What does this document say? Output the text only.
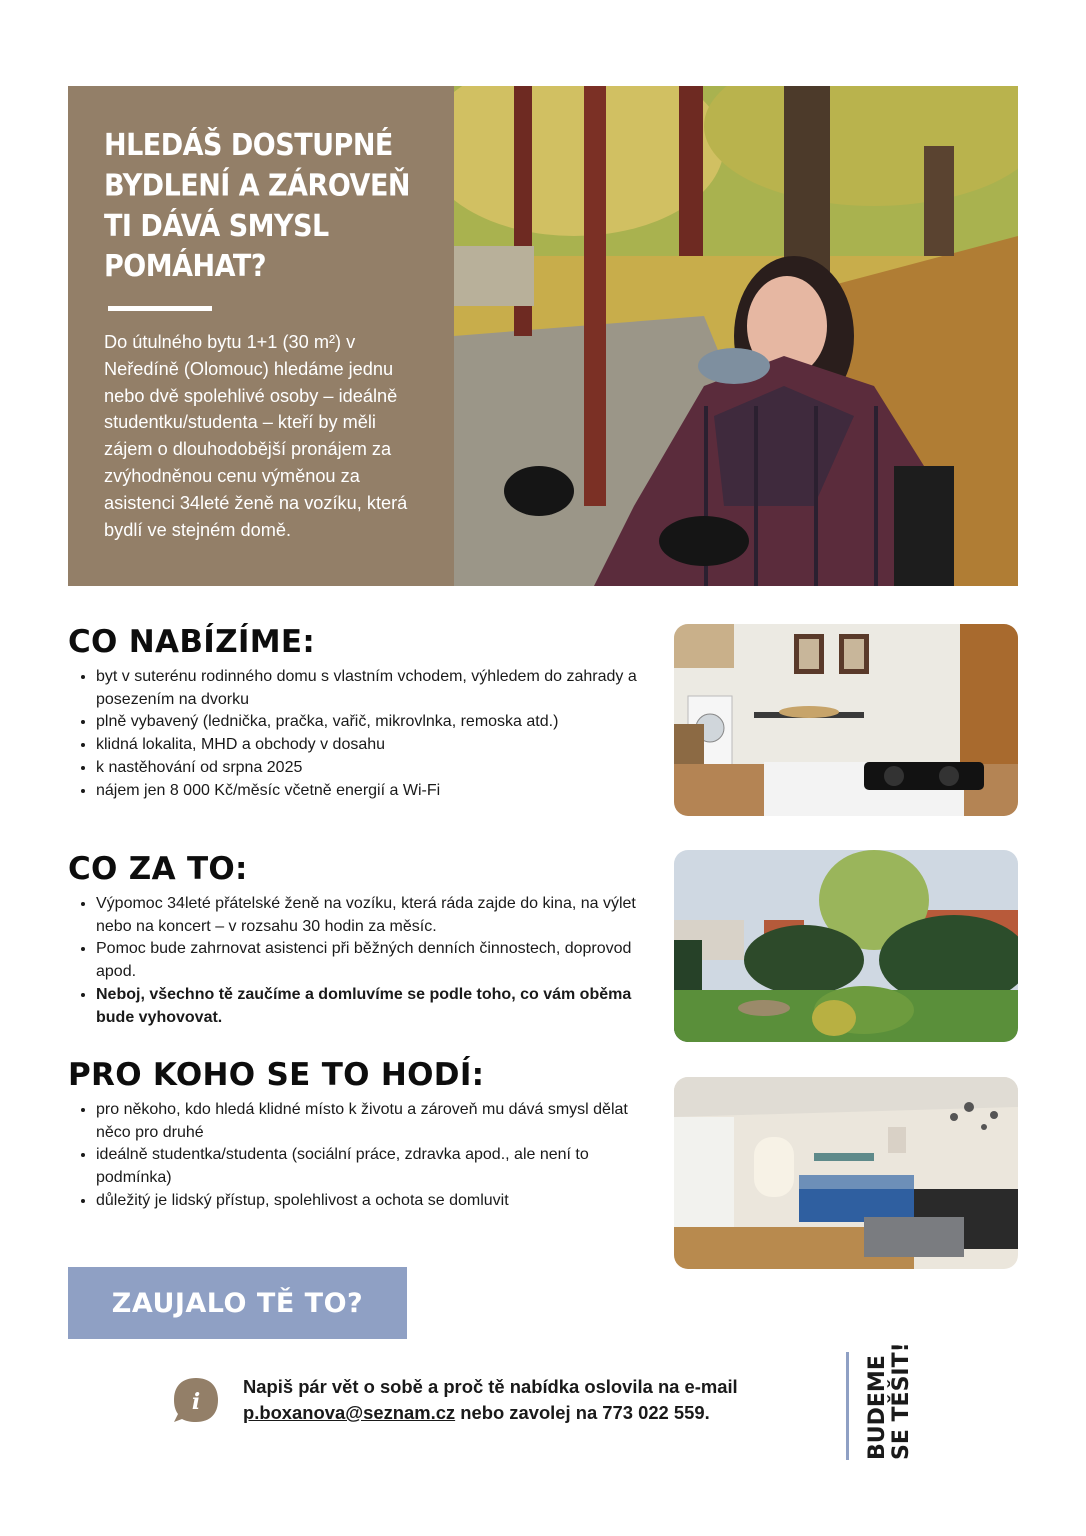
HLEDÁŠ DOSTUPNÉ BYDLENÍ A ZÁROVEŇ TI DÁVÁ SMYSL POMÁHAT?

Do útulného bytu 1+1 (30 m²) v Neředíně (Olomouc) hledáme jednu nebo dvě spolehlivé osoby – ideálně studentku/studenta – kteří by měli zájem o dlouhodobější pronájem za zvýhodněnou cenu výměnou za asistenci 34leté ženě na vozíku, která bydlí ve stejném domě.

CO NABÍZÍME:
• byt v suterénu rodinného domu s vlastním vchodem, výhledem do zahrady a posezením na dvorku
• plně vybavený (lednička, pračka, vařič, mikrovlnka, remoska atd.)
• klidná lokalita, MHD a obchody v dosahu
• k nastěhování od srpna 2025
• nájem jen 8 000 Kč/měsíc včetně energií a Wi-Fi
CO ZA TO:
• Výpomoc 34leté přátelské ženě na vozíku, která ráda zajde do kina, na výlet nebo na koncert – v rozsahu 30 hodin za měsíc.
• Pomoc bude zahrnovat asistenci při běžných denních činnostech, doprovod apod.
• Neboj, všechno tě zaučíme a domluvíme se podle toho, co vám oběma bude vyhovovat.
PRO KOHO SE TO HODÍ:
• pro někoho, kdo hledá klidné místo k životu a zároveň mu dává smysl dělat něco pro druhé
• ideálně studentka/studenta (sociální práce, zdravka apod., ale není to podmínka)
• důležitý je lidský přístup, spolehlivost a ochota se domluvit
ZAUJALO TĚ TO?
i
Napiš pár vět o sobě a proč tě nabídka oslovila na e-mail
p.boxanova@seznam.cz nebo zavolej na 773 022 559.	BUDEME SE TĚŠIT!
